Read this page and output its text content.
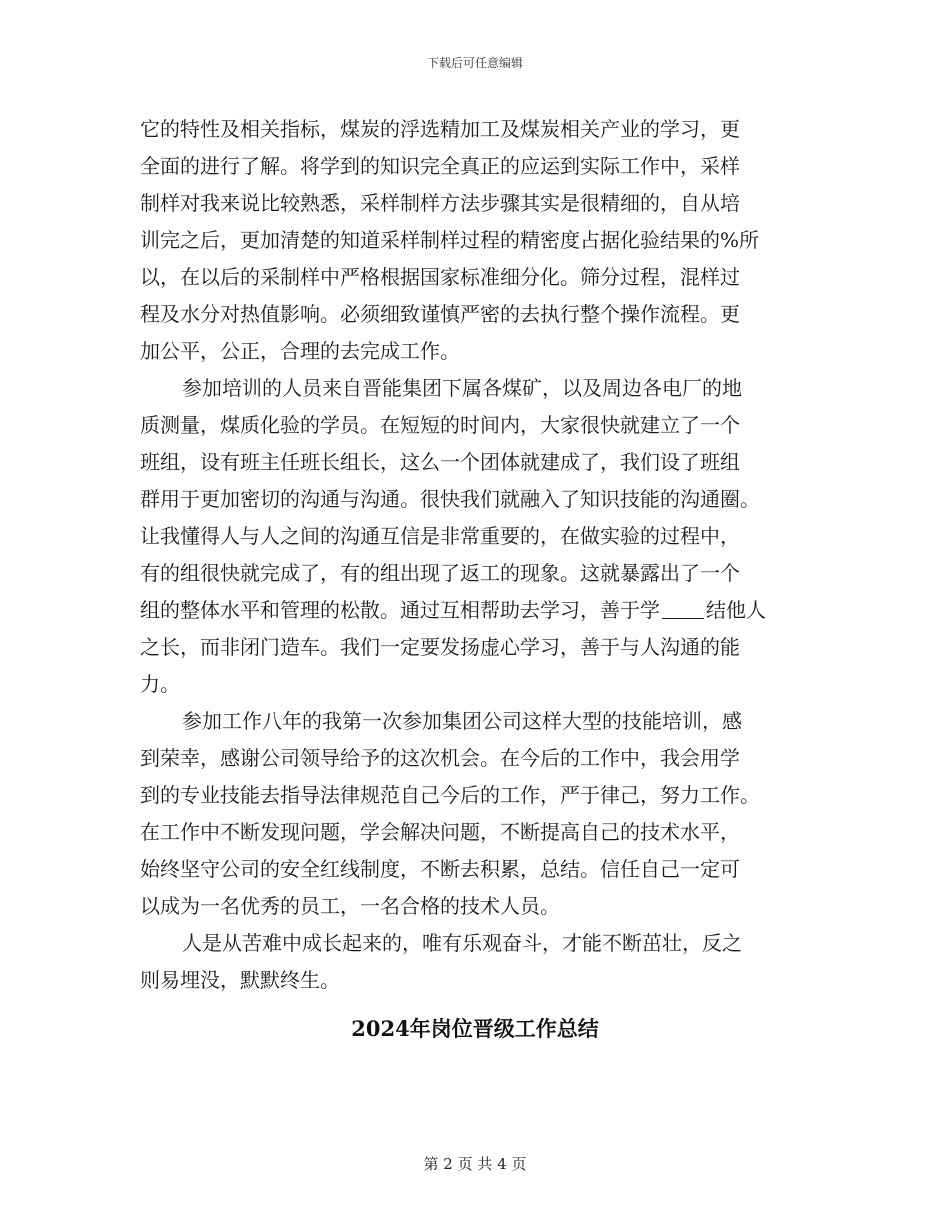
下载后可任意编辑
它的特性及相关指标，煤炭的浮选精加工及煤炭相关产业的学习，更
全面的进行了解。将学到的知识完全真正的应运到实际工作中，采样
制样对我来说比较熟悉，采样制样方法步骤其实是很精细的，自从培
训完之后，更加清楚的知道采样制样过程的精密度占据化验结果的%所
以，在以后的采制样中严格根据国家标准细分化。筛分过程，混样过
程及水分对热值影响。必须细致谨慎严密的去执行整个操作流程。更
加公平，公正，合理的去完成工作。
参加培训的人员来自晋能集团下属各煤矿，以及周边各电厂的地
质测量，煤质化验的学员。在短短的时间内，大家很快就建立了一个
班组，设有班主任班长组长，这么一个团体就建成了，我们设了班组
群用于更加密切的沟通与沟通。很快我们就融入了知识技能的沟通圈。
让我懂得人与人之间的沟通互信是非常重要的，在做实验的过程中，
有的组很快就完成了，有的组出现了返工的现象。这就暴露出了一个
组的整体水平和管理的松散。通过互相帮助去学习，善于学 结他人
之长，而非闭门造车。我们一定要发扬虚心学习，善于与人沟通的能
力。
参加工作八年的我第一次参加集团公司这样大型的技能培训，感
到荣幸，感谢公司领导给予的这次机会。在今后的工作中，我会用学
到的专业技能去指导法律规范自己今后的工作，严于律己，努力工作。
在工作中不断发现问题，学会解决问题，不断提高自己的技术水平，
始终坚守公司的安全红线制度，不断去积累，总结。信任自己一定可
以成为一名优秀的员工，一名合格的技术人员。
人是从苦难中成长起来的，唯有乐观奋斗，才能不断茁壮，反之
则易埋没，默默终生。
2024年岗位晋级工作总结
第 2 页 共 4 页
